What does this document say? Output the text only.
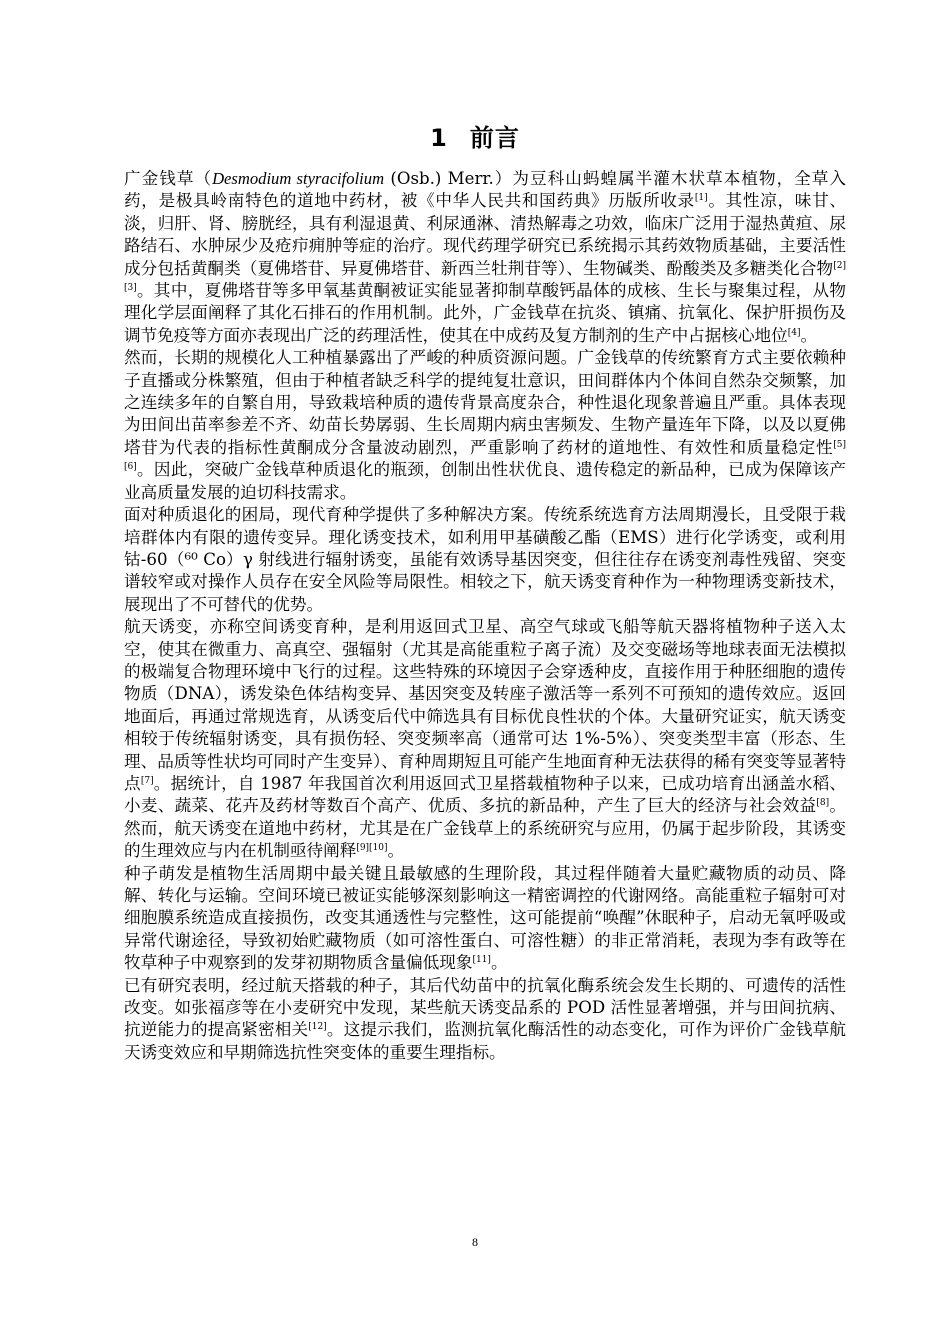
1 前言

广金钱草（Desmodium styracifolium (Osb.) Merr.）为豆科山蚂蝗属半灌木状草本植物，全草入药，是极具岭南特色的道地中药材，被《中华人民共和国药典》历版所收录[1]。其性凉，味甘、淡，归肝、肾、膀胱经，具有利湿退黄、利尿通淋、清热解毒之功效，临床广泛用于湿热黄疸、尿路结石、水肿尿少及疮疖痈肿等症的治疗。现代药理学研究已系统揭示其药效物质基础，主要活性成分包括黄酮类（夏佛塔苷、异夏佛塔苷、新西兰牡荆苷等）、生物碱类、酚酸类及多糖类化合物[2][3]。其中，夏佛塔苷等多甲氧基黄酮被证实能显著抑制草酸钙晶体的成核、生长与聚集过程，从物理化学层面阐释了其化石排石的作用机制。此外，广金钱草在抗炎、镇痛、抗氧化、保护肝损伤及调节免疫等方面亦表现出广泛的药理活性，使其在中成药及复方制剂的生产中占据核心地位[4]。

然而，长期的规模化人工种植暴露出了严峻的种质资源问题。广金钱草的传统繁育方式主要依赖种子直播或分株繁殖，但由于种植者缺乏科学的提纯复壮意识，田间群体内个体间自然杂交频繁，加之连续多年的自繁自用，导致栽培种质的遗传背景高度杂合，种性退化现象普遍且严重。具体表现为田间出苗率参差不齐、幼苗长势孱弱、生长周期内病虫害频发、生物产量连年下降，以及以夏佛塔苷为代表的指标性黄酮成分含量波动剧烈，严重影响了药材的道地性、有效性和质量稳定性[5][6]。因此，突破广金钱草种质退化的瓶颈，创制出性状优良、遗传稳定的新品种，已成为保障该产业高质量发展的迫切科技需求。

面对种质退化的困局，现代育种学提供了多种解决方案。传统系统选育方法周期漫长，且受限于栽培群体内有限的遗传变异。理化诱变技术，如利用甲基磺酸乙酯（EMS）进行化学诱变，或利用钴-60（⁶⁰ Co）γ 射线进行辐射诱变，虽能有效诱导基因突变，但往往存在诱变剂毒性残留、突变谱较窄或对操作人员存在安全风险等局限性。相较之下，航天诱变育种作为一种物理诱变新技术，展现出了不可替代的优势。

航天诱变，亦称空间诱变育种，是利用返回式卫星、高空气球或飞船等航天器将植物种子送入太空，使其在微重力、高真空、强辐射（尤其是高能重粒子离子流）及交变磁场等地球表面无法模拟的极端复合物理环境中飞行的过程。这些特殊的环境因子会穿透种皮，直接作用于种胚细胞的遗传物质（DNA），诱发染色体结构变异、基因突变及转座子激活等一系列不可预知的遗传效应。返回地面后，再通过常规选育，从诱变后代中筛选具有目标优良性状的个体。大量研究证实，航天诱变相较于传统辐射诱变，具有损伤轻、突变频率高（通常可达 1%-5%）、突变类型丰富（形态、生理、品质等性状均可同时产生变异）、育种周期短且可能产生地面育种无法获得的稀有突变等显著特点[7]。据统计，自 1987 年我国首次利用返回式卫星搭载植物种子以来，已成功培育出涵盖水稻、小麦、蔬菜、花卉及药材等数百个高产、优质、多抗的新品种，产生了巨大的经济与社会效益[8]。然而，航天诱变在道地中药材，尤其是在广金钱草上的系统研究与应用，仍属于起步阶段，其诱变的生理效应与内在机制亟待阐释[9][10]。

种子萌发是植物生活周期中最关键且最敏感的生理阶段，其过程伴随着大量贮藏物质的动员、降解、转化与运输。空间环境已被证实能够深刻影响这一精密调控的代谢网络。高能重粒子辐射可对细胞膜系统造成直接损伤，改变其通透性与完整性，这可能提前“唤醒”休眠种子，启动无氧呼吸或异常代谢途径，导致初始贮藏物质（如可溶性蛋白、可溶性糖）的非正常消耗，表现为李有政等在牧草种子中观察到的发芽初期物质含量偏低现象[11]。

已有研究表明，经过航天搭载的种子，其后代幼苗中的抗氧化酶系统会发生长期的、可遗传的活性改变。如张福彦等在小麦研究中发现，某些航天诱变品系的 POD 活性显著增强，并与田间抗病、抗逆能力的提高紧密相关[12]。这提示我们，监测抗氧化酶活性的动态变化，可作为评价广金钱草航天诱变效应和早期筛选抗性突变体的重要生理指标。

8
